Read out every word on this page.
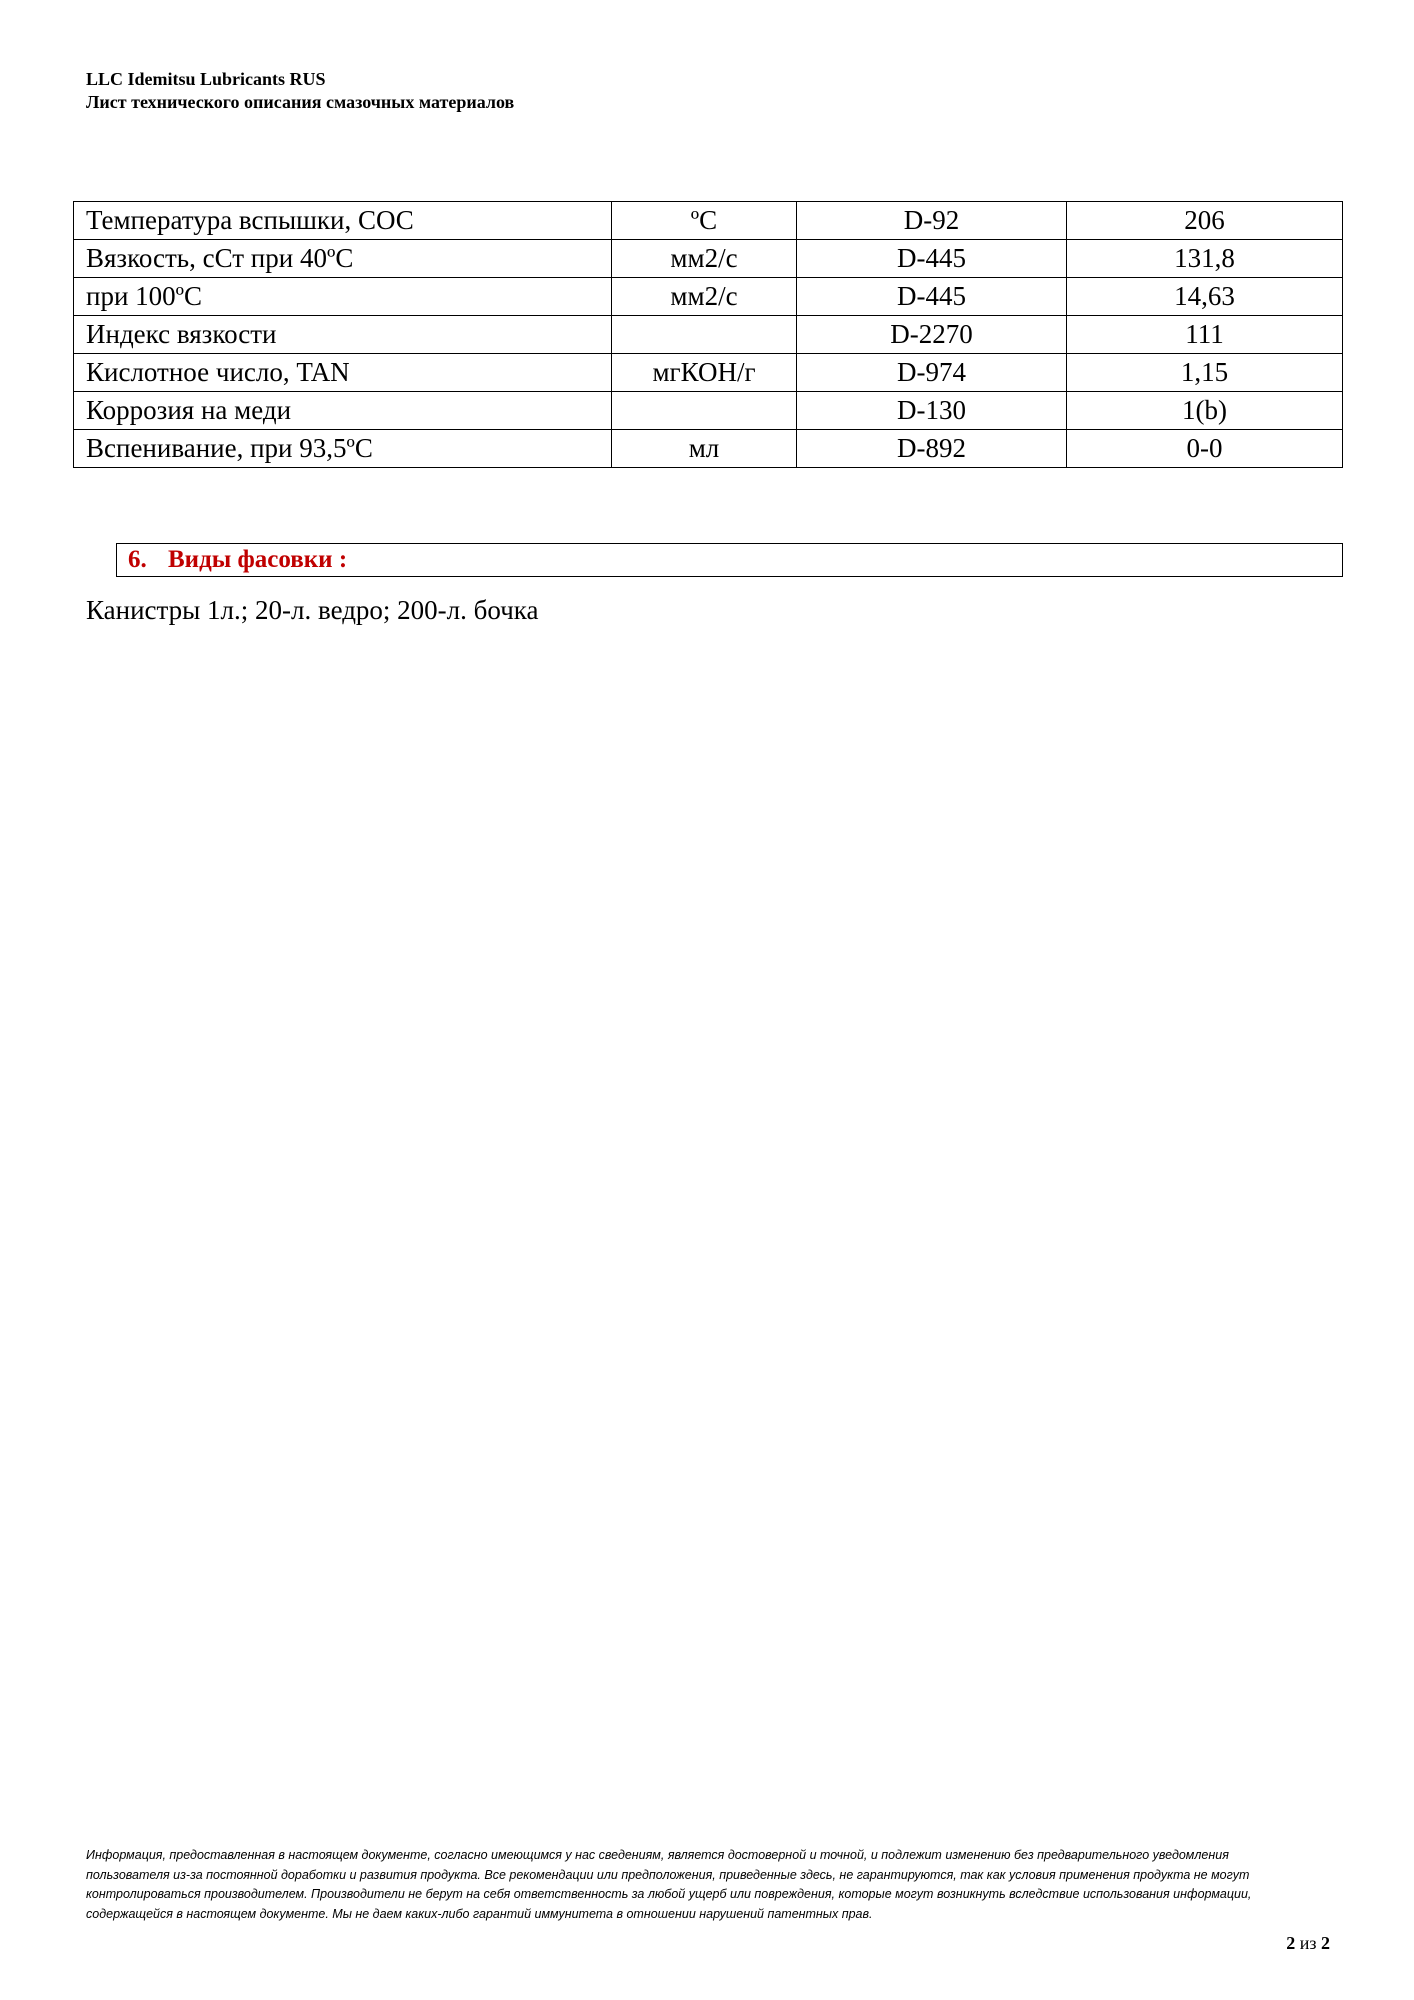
LLC Idemitsu Lubricants RUS
Лист технического описания смазочных материалов
Температура вспышки, СОС	ºC	D-92	206
Вязкость, сСт при 40ºC	мм2/с	D-445	131,8
при 100ºC	мм2/с	D-445	14,63
Индекс вязкости		D-2270	111
Кислотное число, TAN	мгКОН/г	D-974	1,15
Коррозия на меди		D-130	1(b)
Вспенивание, при 93,5ºC	мл	D-892	0-0
6. Виды фасовки :
Канистры 1л.; 20-л. ведро; 200-л. бочка
Информация, предоставленная в настоящем документе, согласно имеющимся у нас сведениям, является достоверной и точной, и подлежит изменению без предварительного уведомления
пользователя из-за постоянной доработки и развития продукта. Все рекомендации или предположения, приведенные здесь, не гарантируются, так как условия применения продукта не могут
контролироваться производителем. Производители не берут на себя ответственность за любой ущерб или повреждения, которые могут возникнуть вследствие использования информации,
содержащейся в настоящем документе. Мы не даем каких-либо гарантий иммунитета в отношении нарушений патентных прав.
2 из 2
